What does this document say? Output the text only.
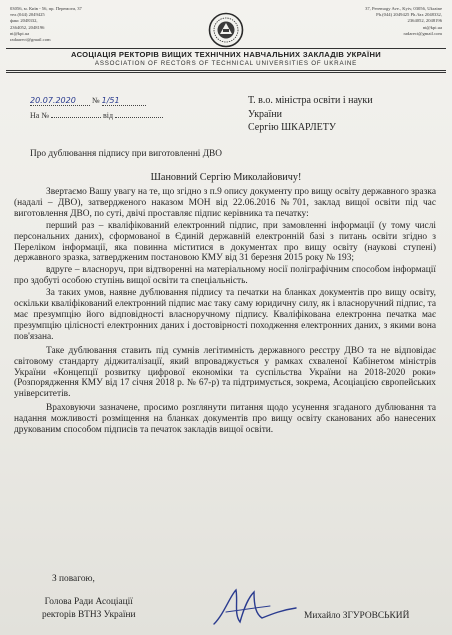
03056, м. Київ - 56, пр. Перемоги, 37
тел.(044) 2049425
факс 2048332,
2364052, 2048196
nt@kpi.ua
radaarect@gmail.com
37, Peremogy Ave., Kyiv, 03056, Ukraine
Ph.(044) 2049425 Ph./fax 2048332,
2364052, 2048196
nt@kpi.ua
radarect@gmail.com
АСОЦІАЦІЯ РЕКТОРІВ ВИЩИХ ТЕХНІЧНИХ НАВЧАЛЬНИХ ЗАКЛАДІВ УКРАЇНИ
ASSOCIATION OF RECTORS OF TECHNICAL UNIVERSITIES OF UKRAINE
20.07.2020 № 1/51
На №	від
Т. в.о. міністра освіти і науки
України
Сергію ШКАРЛЕТУ
Про дублювання підпису при виготовленні ДВО
Шановний Сергію Миколайовичу!

Звертаємо Вашу увагу на те, що згідно з п.9 опису документу про вищу освіту державного зразка (надалі – ДВО), затвердженого наказом МОН від 22.06.2016 №701, заклад вищої освіти під час виготовлення ДВО, по суті, двічі проставляє підпис керівника та печатку:

перший раз – кваліфікований електронний підпис, при замовленні інформації (у тому числі персональних даних), сформованої в Єдиній державній електронній базі з питань освіти згідно з Переліком інформації, яка повинна міститися в документах про вищу освіту (наукові ступені) державного зразка, затвердженим постановою КМУ від 31 березня 2015 року № 193;

вдруге – власноруч, при відтворенні на матеріальному носії поліграфічним способом інформації про здобуті особою ступінь вищої освіти та спеціальність.

За таких умов, наявне дублювання підпису та печатки на бланках документів про вищу освіту, оскільки кваліфікований електронний підпис має таку саму юридичну силу, як і власноручний підпис, та має презумпцію його відповідності власноручному підпису. Кваліфікована електронна печатка має презумпцію цілісності електронних даних і достовірності походження електронних даних, з якими вона пов'язана.

Таке дублювання ставить під сумнів легітимність державного реєстру ДВО та не відповідає світовому стандарту діджиталізації, який впроваджується у рамках схваленої Кабінетом міністрів України «Концепції розвитку цифрової економіки та суспільства України на 2018-2020 роки» (Розпорядження КМУ від 17 січня 2018 р. № 67-р) та підтримується, зокрема, Асоціацією європейських університетів.

Враховуючи зазначене, просимо розглянути питання щодо усунення згаданого дублювання та надання можливості розміщення на бланках документів про вищу освіту сканованих або нанесених друкованим способом підписів та печаток закладів вищої освіти.

З повагою,
Голова Ради Асоціації
ректорів ВТНЗ України	Михайло ЗГУРОВСЬКИЙ
